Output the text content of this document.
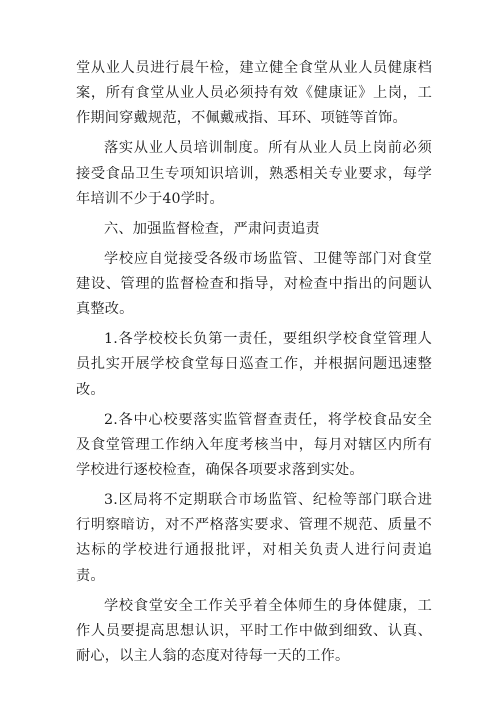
堂从业人员进行晨午检，建立健全食堂从业人员健康档案，所有食堂从业人员必须持有效《健康证》上岗，工作期间穿戴规范，不佩戴戒指、耳环、项链等首饰。

落实从业人员培训制度。所有从业人员上岗前必须接受食品卫生专项知识培训，熟悉相关专业要求，每学年培训不少于40学时。

六、加强监督检查，严肃问责追责

学校应自觉接受各级市场监管、卫健等部门对食堂建设、管理的监督检查和指导，对检查中指出的问题认真整改。

1.各学校校长负第一责任，要组织学校食堂管理人员扎实开展学校食堂每日巡查工作，并根据问题迅速整改。

2.各中心校要落实监管督查责任，将学校食品安全及食堂管理工作纳入年度考核当中，每月对辖区内所有学校进行逐校检查，确保各项要求落到实处。

3.区局将不定期联合市场监管、纪检等部门联合进行明察暗访，对不严格落实要求、管理不规范、质量不达标的学校进行通报批评，对相关负责人进行问责追责。

学校食堂安全工作关乎着全体师生的身体健康，工作人员要提高思想认识，平时工作中做到细致、认真、耐心，以主人翁的态度对待每一天的工作。
